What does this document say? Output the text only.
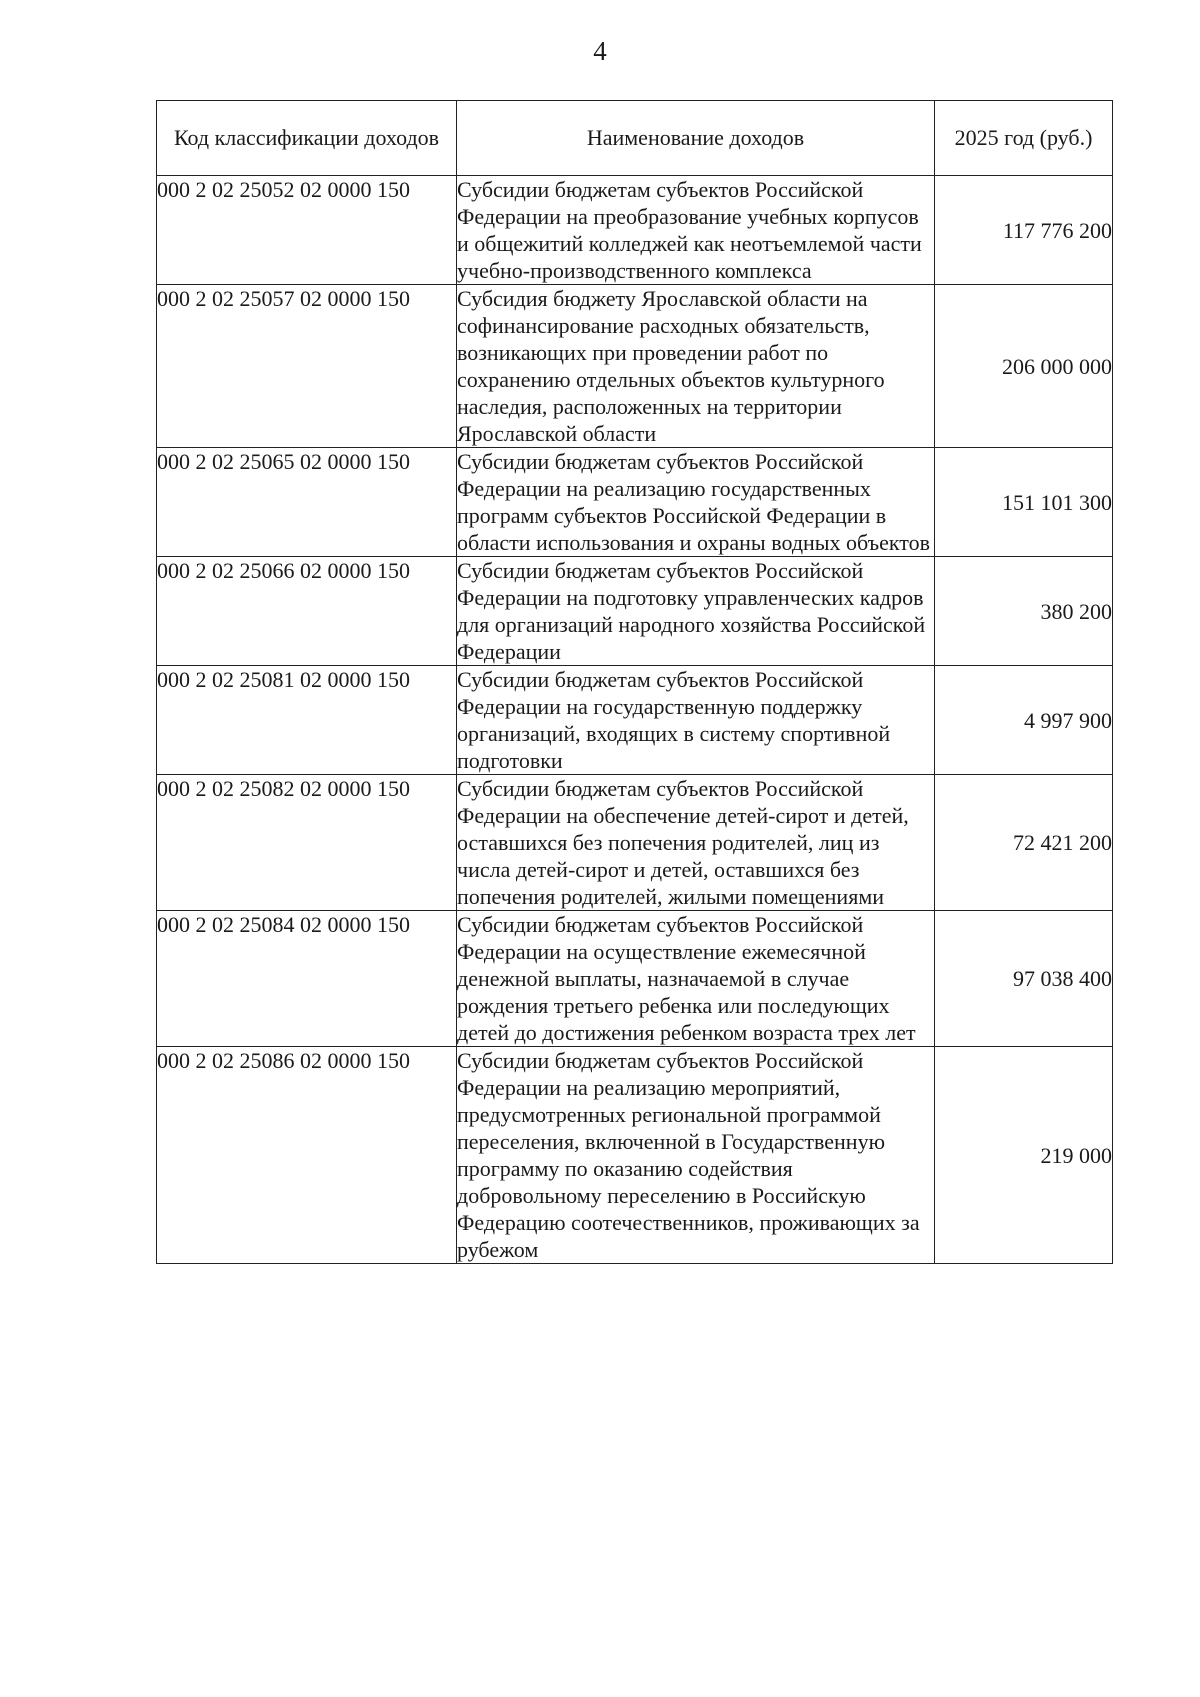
4
Код классификации доходов	Наименование доходов	2025 год (руб.)
000 2 02 25052 02 0000 150	Субсидии бюджетам субъектов Российской Федерации на преобразование учебных корпусов и общежитий колледжей как неотъемлемой части учебно-производственного комплекса	117 776 200
000 2 02 25057 02 0000 150	Субсидия бюджету Ярославской области на софинансирование расходных обязательств, возникающих при проведении работ по сохранению отдельных объектов культурного наследия, расположенных на территории Ярославской области	206 000 000
000 2 02 25065 02 0000 150	Субсидии бюджетам субъектов Российской Федерации на реализацию государственных программ субъектов Российской Федерации в области использования и охраны водных объектов	151 101 300
000 2 02 25066 02 0000 150	Субсидии бюджетам субъектов Российской Федерации на подготовку управленческих кадров для организаций народного хозяйства Российской Федерации	380 200
000 2 02 25081 02 0000 150	Субсидии бюджетам субъектов Российской Федерации на государственную поддержку организаций, входящих в систему спортивной подготовки	4 997 900
000 2 02 25082 02 0000 150	Субсидии бюджетам субъектов Российской Федерации на обеспечение детей-сирот и детей, оставшихся без попечения родителей, лиц из числа детей-сирот и детей, оставшихся без попечения родителей, жилыми помещениями	72 421 200
000 2 02 25084 02 0000 150	Субсидии бюджетам субъектов Российской Федерации на осуществление ежемесячной денежной выплаты, назначаемой в случае рождения третьего ребенка или последующих детей до достижения ребенком возраста трех лет	97 038 400
000 2 02 25086 02 0000 150	Субсидии бюджетам субъектов Российской Федерации на реализацию мероприятий, предусмотренных региональной программой переселения, включенной в Государственную программу по оказанию содействия добровольному переселению в Российскую Федерацию соотечественников, проживающих за рубежом	219 000
